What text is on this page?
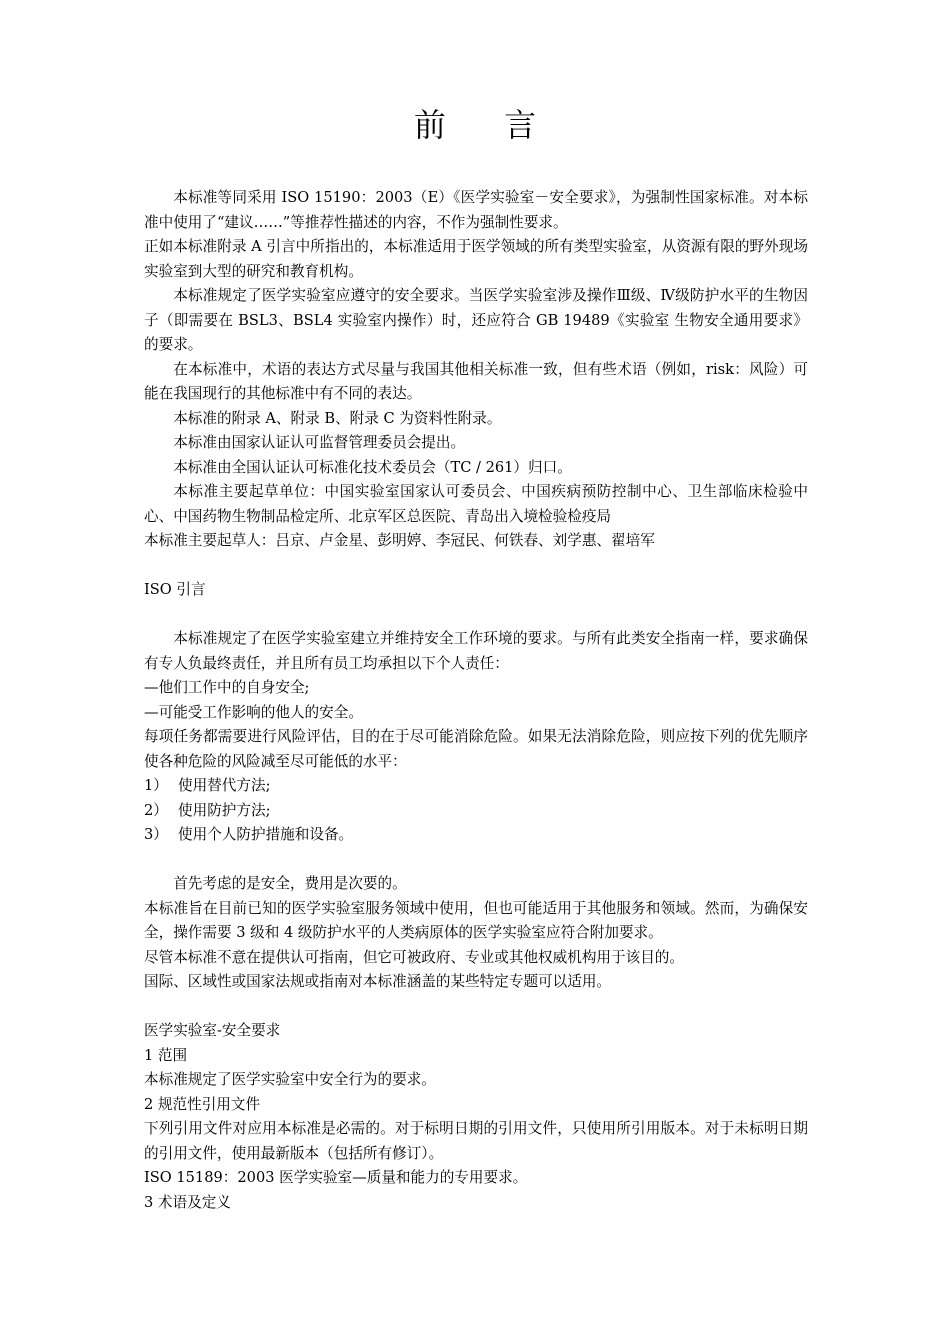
前 言

本标准等同采用 ISO 15190：2003（E）《医学实验室－安全要求》，为强制性国家标准。对本标准中使用了“建议……”等推荐性描述的内容，不作为强制性要求。

正如本标准附录 A 引言中所指出的，本标准适用于医学领域的所有类型实验室，从资源有限的野外现场实验室到大型的研究和教育机构。

本标准规定了医学实验室应遵守的安全要求。当医学实验室涉及操作Ⅲ级、Ⅳ级防护水平的生物因子（即需要在 BSL3、BSL4 实验室内操作）时，还应符合 GB 19489《实验室 生物安全通用要求》的要求。

在本标准中，术语的表达方式尽量与我国其他相关标准一致，但有些术语（例如，risk：风险）可能在我国现行的其他标准中有不同的表达。

本标准的附录 A、附录 B、附录 C 为资料性附录。

本标准由国家认证认可监督管理委员会提出。

本标准由全国认证认可标准化技术委员会（TC / 261）归口。

本标准主要起草单位：中国实验室国家认可委员会、中国疾病预防控制中心、卫生部临床检验中心、中国药物生物制品检定所、北京军区总医院、青岛出入境检验检疫局

本标准主要起草人：吕京、卢金星、彭明婷、李冠民、何铁春、刘学惠、翟培军

ISO 引言

本标准规定了在医学实验室建立并维持安全工作环境的要求。与所有此类安全指南一样，要求确保有专人负最终责任，并且所有员工均承担以下个人责任：

—他们工作中的自身安全;

—可能受工作影响的他人的安全。

每项任务都需要进行风险评估，目的在于尽可能消除危险。如果无法消除危险，则应按下列的优先顺序使各种危险的风险减至尽可能低的水平：

1） 使用替代方法;
2） 使用防护方法;
3） 使用个人防护措施和设备。

首先考虑的是安全，费用是次要的。

本标准旨在目前已知的医学实验室服务领域中使用，但也可能适用于其他服务和领域。然而，为确保安全，操作需要 3 级和 4 级防护水平的人类病原体的医学实验室应符合附加要求。

尽管本标准不意在提供认可指南，但它可被政府、专业或其他权威机构用于该目的。

国际、区域性或国家法规或指南对本标准涵盖的某些特定专题可以适用。

医学实验室-安全要求

1 范围

本标准规定了医学实验室中安全行为的要求。

2 规范性引用文件

下列引用文件对应用本标准是必需的。对于标明日期的引用文件，只使用所引用版本。对于未标明日期的引用文件，使用最新版本（包括所有修订）。

ISO 15189：2003 医学实验室—质量和能力的专用要求。

3 术语及定义
